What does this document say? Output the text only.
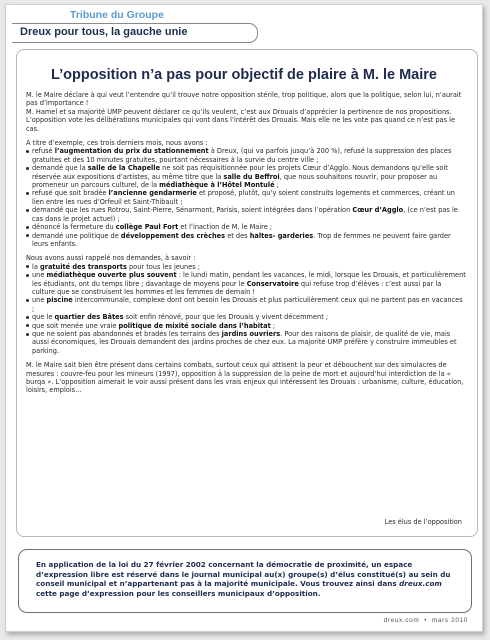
Tribune du Groupe
Dreux pour tous, la gauche unie
L’opposition n’a pas pour objectif de plaire à M. le Maire

M. le Maire déclare à qui veut l’entendre qu’il trouve notre opposition stérile, trop politique, alors que la politique, selon lui, n’aurait pas d’importance !
M. Hamel et sa majorité UMP peuvent déclarer ce qu’ils veulent, c’est aux Drouais d’apprécier la pertinence de nos propositions. L’opposition vote les délibérations municipales qui vont dans l’intérêt des Drouais. Mais elle ne les vote pas quand ce n’est pas le cas.

À titre d’exemple, ces trois derniers mois, nous avons :
refusé l’augmentation du prix du stationnement à Dreux, (qui va parfois jusqu’à 200 %), refusé la suppression des places gratuites et des 10 minutes gratuites, pourtant nécessaires à la survie du centre ville ;
demandé que la salle de la Chapelle ne soit pas réquisitionnée pour les projets Cœur d’Agglo. Nous demandons qu’elle soit réservée aux expositions d’artistes, au même titre que la salle du Beffroi, que nous souhaitons rouvrir, pour proposer au promeneur un parcours culturel, de la médiathèque à l’Hôtel Montulé ;
refusé que soit bradée l’ancienne gendarmerie et proposé, plutôt, qu’y soient construits logements et commerces, créant un lien entre les rues d’Orfeuil et Saint-Thibault ;
demandé que les rues Rotrou, Saint-Pierre, Sénarmont, Parisis, soient intégrées dans l’opération Cœur d’Agglo, (ce n’est pas le cas dans le projet actuel) ;
dénoncé la fermeture du collège Paul Fort et l’inaction de M. le Maire ;
demandé une politique de développement des crèches et des haltes- garderies. Trop de femmes ne peuvent faire garder leurs enfants.
Nous avons aussi rappelé nos demandes, à savoir :
la gratuité des transports pour tous les jeunes ;
une médiathèque ouverte plus souvent : le lundi matin, pendant les vacances, le midi, lorsque les Drouais, et particulièrement les étudiants, ont du temps libre ; davantage de moyens pour le Conservatoire qui refuse trop d’élèves : c’est aussi par la culture que se construisent les hommes et les femmes de demain !
une piscine intercommunale, complexe dont ont besoin les Drouais et plus particulièrement ceux qui ne partent pas en vacances ;
que le quartier des Bâtes soit enfin rénové, pour que les Drouais y vivent décemment ;
que soit menée une vraie politique de mixité sociale dans l’habitat ;
que ne soient pas abandonnés et bradés les terrains des jardins ouvriers. Pour des raisons de plaisir, de qualité de vie, mais aussi économiques, les Drouais demandent des jardins proches de chez eux. La majorité UMP préfère y construire immeubles et parking.

M. le Maire sait bien être présent dans certains combats, surtout ceux qui attisent la peur et débouchent sur des simulacres de mesures : couvre-feu pour les mineurs (1997), opposition à la suppression de la peine de mort et aujourd’hui interdiction de la « burqa ». L’opposition aimerait le voir aussi présent dans les vrais enjeux qui intéressent les Drouais : urbanisme, culture, éducation, loisirs, emplois…

Les élus de l’opposition
En application de la loi du 27 février 2002 concernant la démocratie de proximité, un espace d’expression libre est réservé dans le journal municipal au(x) groupe(s) d’élus constitué(s) au sein du conseil municipal et n’appartenant pas à la majorité municipale. Vous trouvez ainsi dans dreux.com cette page d’expression pour les conseillers municipaux d’opposition.
dreux.com  •  mars 2010
